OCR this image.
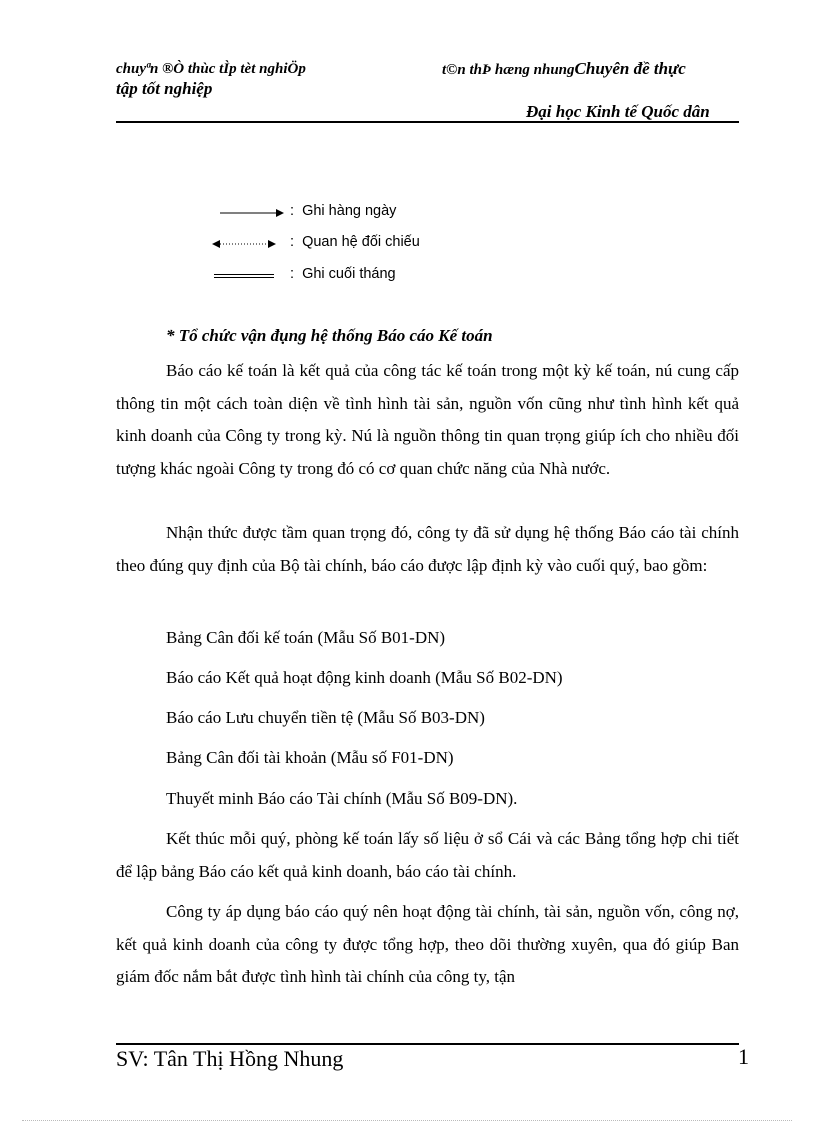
chuyªn ®Ò thùc tÌp tèt nghiÖp	t©n thÞ hæng nhungChuyên đề thực
tập tốt nghiệp
Đại học Kinh tế Quốc dân
: Ghi hàng ngày
: Quan hệ đối chiếu
: Ghi cuối tháng
* Tổ chức vận đụng hệ thống Báo cáo Kế toán
Báo cáo kế toán là kết quả của công tác kế toán trong một kỳ kế toán, nú cung cấp thông tin một cách toàn diện về tình hình tài sản, nguồn vốn cũng như tình hình kết quả kinh doanh của Công ty trong kỳ. Nú là nguồn thông tin quan trọng giúp ích cho nhiều đối tượng khác ngoài Công ty trong đó có cơ quan chức năng của Nhà nước.
Nhận thức được tầm quan trọng đó, công ty đã sử dụng hệ thống Báo cáo tài chính theo đúng quy định của Bộ tài chính, báo cáo được lập định kỳ vào cuối quý, bao gồm:
Bảng Cân đối kế toán (Mẫu Số B01-DN)
Báo cáo Kết quả hoạt động kinh doanh (Mẫu Số B02-DN)
Báo cáo Lưu chuyển tiền tệ (Mẫu Số B03-DN)
Bảng Cân đối tài khoản (Mẫu số F01-DN)
Thuyết minh Báo cáo Tài chính (Mẫu Số B09-DN).
Kết thúc mỗi quý, phòng kế toán lấy số liệu ở sổ Cái và các Bảng tổng hợp chi tiết để lập bảng Báo cáo kết quả kinh doanh, báo cáo tài chính.
Công ty áp dụng báo cáo quý nên hoạt động tài chính, tài sản, nguồn vốn, công nợ, kết quả kinh doanh của công ty được tổng hợp, theo dõi thường xuyên, qua đó giúp Ban giám đốc nắm bắt được tình hình tài chính của công ty, tận
SV: Tân Thị Hồng Nhung	1
